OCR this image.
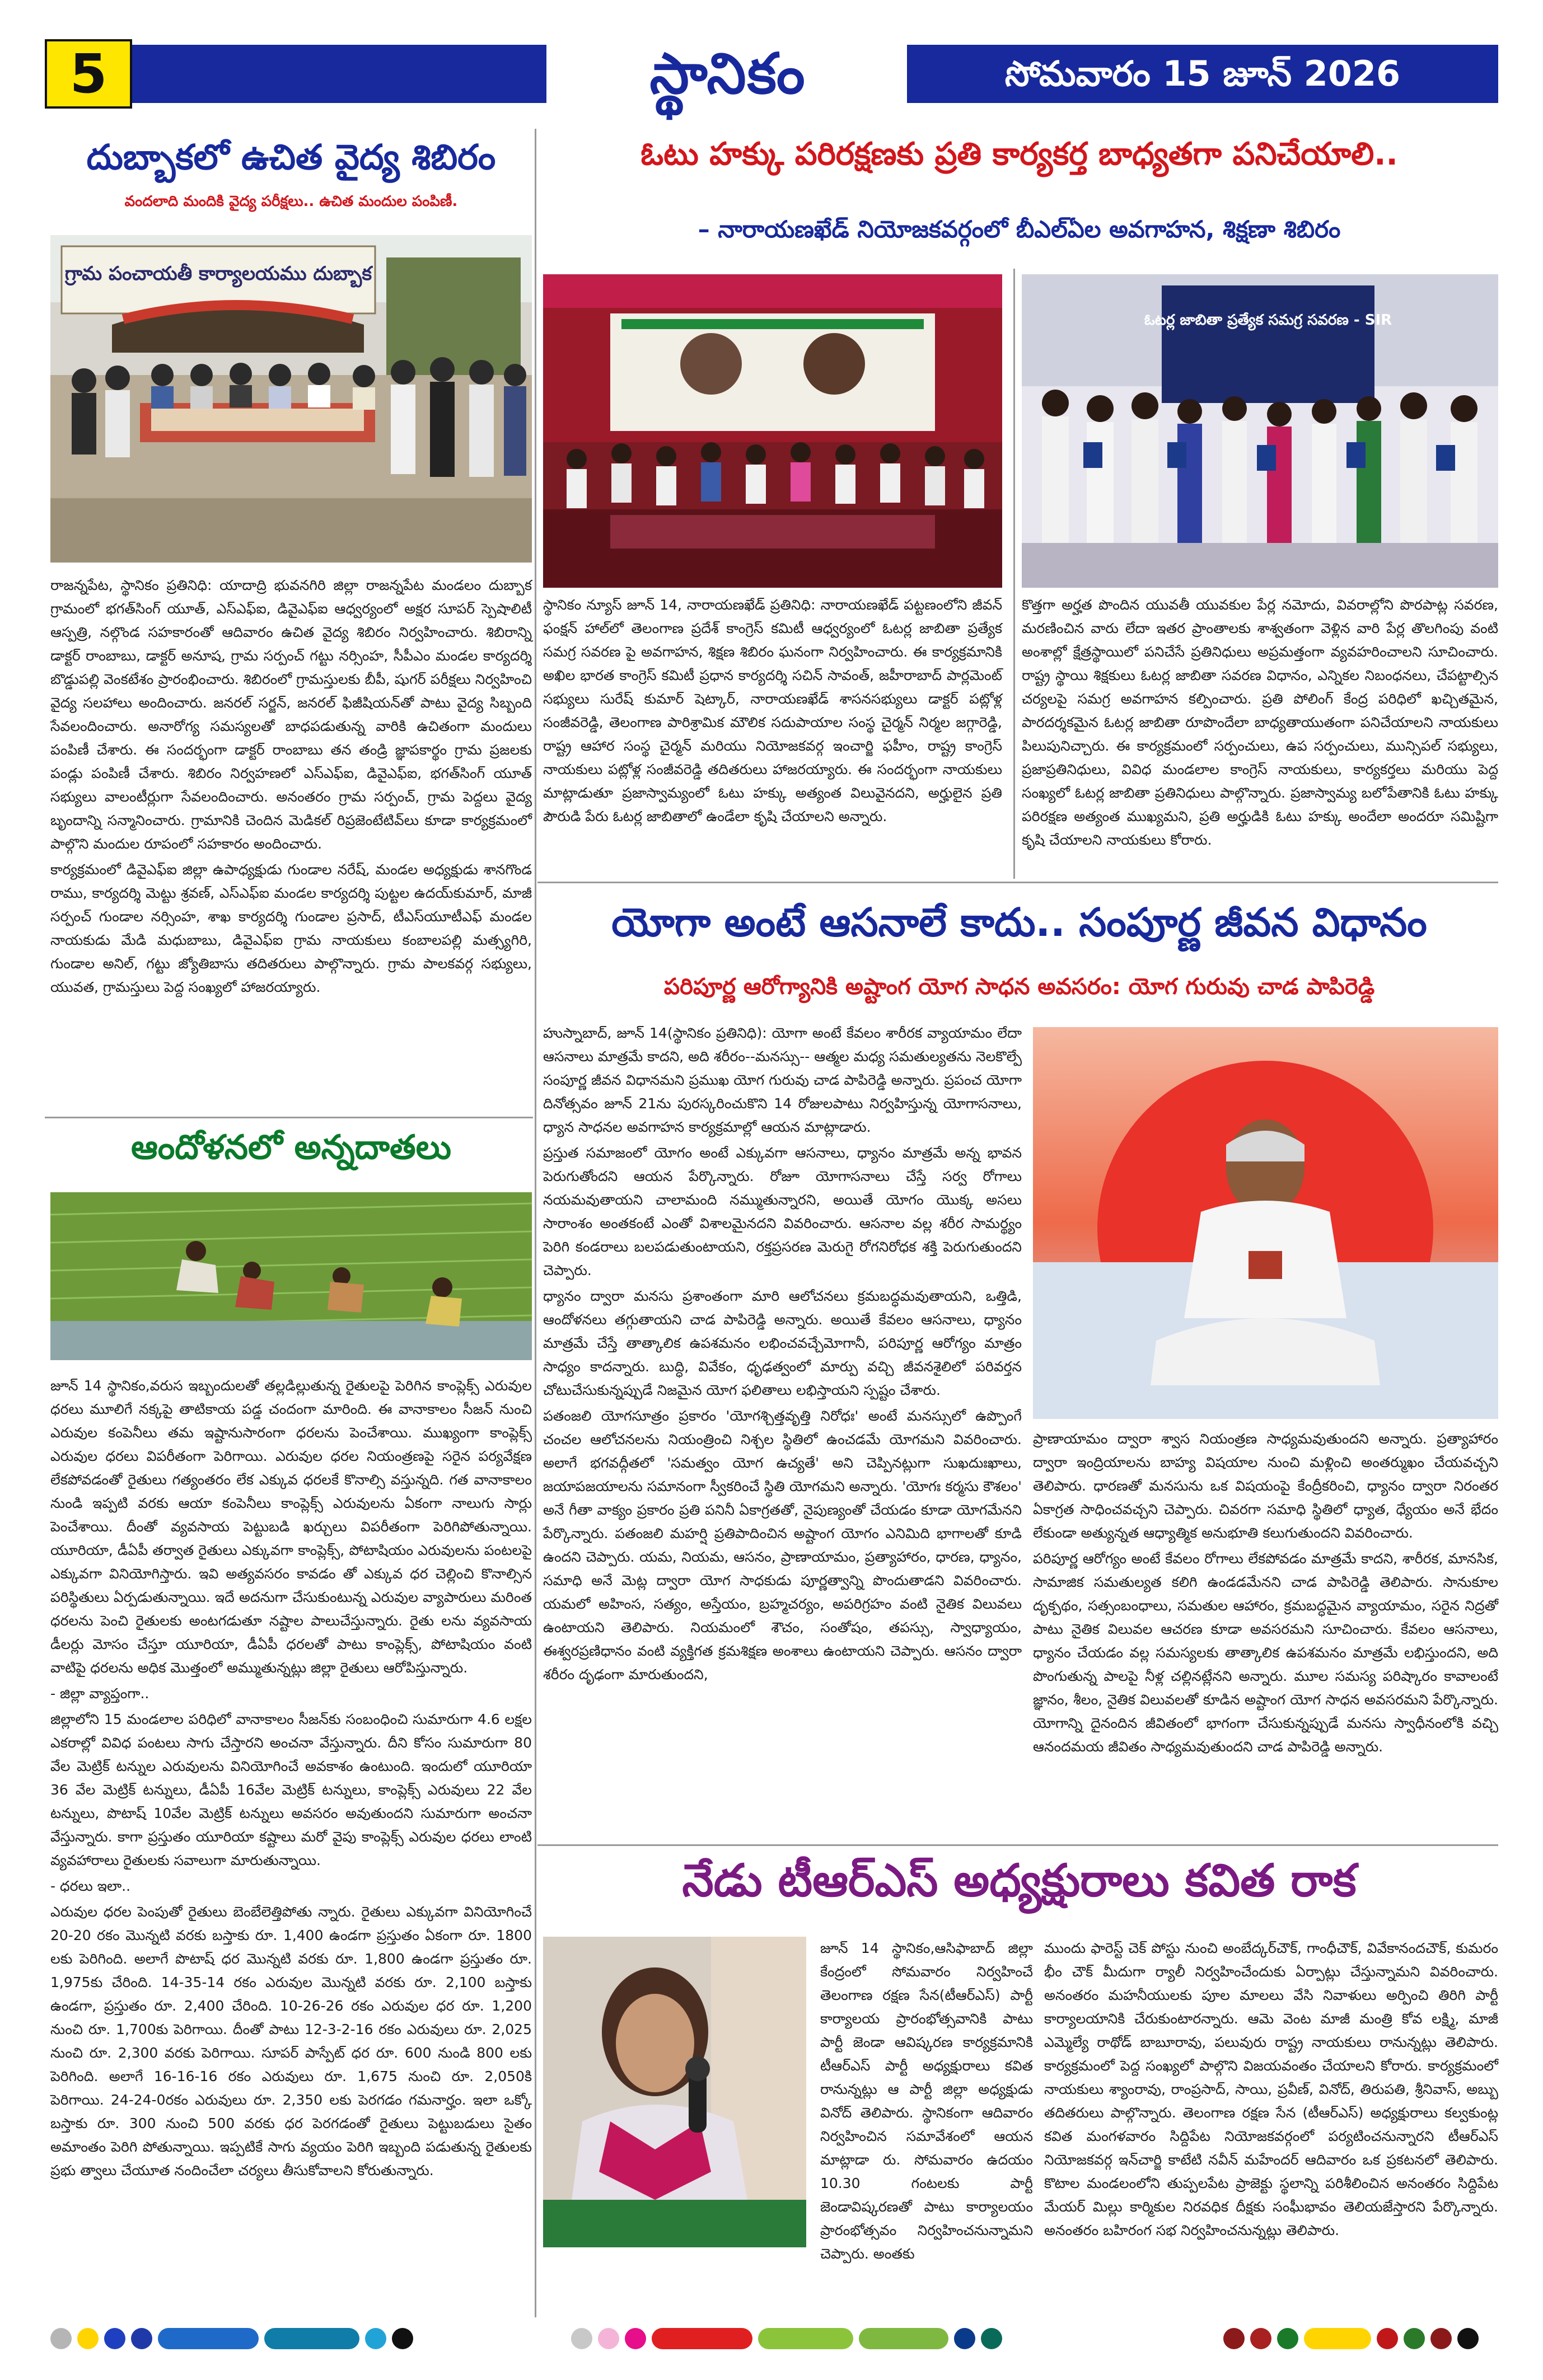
5	స్థానికం	సోమవారం 15 జూన్ 2026
దుబ్బాకలో ఉచిత వైద్య శిబిరం
వందలాది మందికి వైద్య పరీక్షలు.. ఉచిత మందుల పంపిణీ.
గ్రామ పంచాయతీ కార్యాలయము దుబ్బాక

రాజన్నపేట, స్థానికం ప్రతినిధి: యాదాద్రి భువనగిరి జిల్లా రాజన్నపేట మండలం దుబ్బాక గ్రామంలో భగత్‌సింగ్ యూత్, ఎస్ఎఫ్ఐ, డివైఎఫ్ఐ ఆధ్వర్యంలో అక్షర సూపర్ స్పెషాలిటీ ఆస్పత్రి, నల్గొండ సహకారంతో ఆదివారం ఉచిత వైద్య శిబిరం నిర్వహించారు. శిబిరాన్ని డాక్టర్ రాంబాబు, డాక్టర్ అనూష, గ్రామ సర్పంచ్ గట్టు నర్సింహ, సీపీఎం మండల కార్యదర్శి బొడ్డుపల్లి వెంకటేశం ప్రారంభించారు. శిబిరంలో గ్రామస్తులకు బీపీ, షుగర్ పరీక్షలు నిర్వహించి వైద్య సలహాలు అందించారు. జనరల్ సర్జన్, జనరల్ ఫిజీషియన్‌తో పాటు వైద్య సిబ్బంది సేవలందించారు. అనారోగ్య సమస్యలతో బాధపడుతున్న వారికి ఉచితంగా మందులు పంపిణీ చేశారు. ఈ సందర్భంగా డాక్టర్ రాంబాబు తన తండ్రి జ్ఞాపకార్థం గ్రామ ప్రజలకు పండ్లు పంపిణీ చేశారు. శిబిరం నిర్వహణలో ఎస్ఎఫ్ఐ, డివైఎఫ్ఐ, భగత్‌సింగ్ యూత్ సభ్యులు వాలంటీర్లుగా సేవలందించారు. అనంతరం గ్రామ సర్పంచ్, గ్రామ పెద్దలు వైద్య బృందాన్ని సన్మానించారు. గ్రామానికి చెందిన మెడికల్ రిప్రజెంటేటివ్‌లు కూడా కార్యక్రమంలో పాల్గొని మందుల రూపంలో సహకారం అందించారు.

కార్యక్రమంలో డివైఎఫ్ఐ జిల్లా ఉపాధ్యక్షుడు గుండాల నరేష్, మండల అధ్యక్షుడు శానగొండ రాము, కార్యదర్శి మెట్టు శ్రవణ్, ఎస్ఎఫ్ఐ మండల కార్యదర్శి పుట్టల ఉదయ్‌కుమార్, మాజీ సర్పంచ్ గుండాల నర్సింహ, శాఖ కార్యదర్శి గుండాల ప్రసాద్, టీఎస్‌యూటీఎఫ్ మండల నాయకుడు మేడి మధుబాబు, డివైఎఫ్ఐ గ్రామ నాయకులు కంబాలపల్లి మత్స్యగిరి, గుండాల అనిల్, గట్టు జ్యోతిబాసు తదితరులు పాల్గొన్నారు. గ్రామ పాలకవర్గ సభ్యులు, యువత, గ్రామస్తులు పెద్ద సంఖ్యలో హాజరయ్యారు.

ఆందోళనలో అన్నదాతలు

జూన్ 14 స్థానికం,వరుస ఇబ్బందులతో తల్లడిల్లుతున్న రైతులపై పెరిగిన కాంప్లెక్స్ ఎరువుల ధరలు మూలిగే నక్కపై తాటికాయ పడ్డ చందంగా మారింది. ఈ వానాకాలం సీజన్ నుంచి ఎరువుల కంపెనీలు తమ ఇష్టానుసారంగా ధరలను పెంచేశాయి. ముఖ్యంగా కాంప్లెక్స్ ఎరువుల ధరలు విపరీతంగా పెరిగాయి. ఎరువుల ధరల నియంత్రణపై సరైన పర్యవేక్షణ లేకపోవడంతో రైతులు గత్యంతరం లేక ఎక్కువ ధరలకే కొనాల్సి వస్తున్నది. గత వానాకాలం నుండి ఇప్పటి వరకు ఆయా కంపెనీలు కాంప్లెక్స్ ఎరువులను ఏకంగా నాలుగు సార్లు పెంచేశాయి. దీంతో వ్యవసాయ పెట్టుబడి ఖర్చులు విపరీతంగా పెరిగిపోతున్నాయి. యూరియా, డీఏపీ తర్వాత రైతులు ఎక్కువగా కాంప్లెక్స్, పోటాషియం ఎరువులను పంటలపై ఎక్కువగా వినియోగిస్తారు. ఇవి అత్యవసరం కావడం తో ఎక్కువ ధర చెల్లించి కొనాల్సిన పరిస్థితులు ఏర్పడుతున్నాయి. ఇదే అదనుగా చేసుకుంటున్న ఎరువుల వ్యాపారులు మరింత ధరలను పెంచి రైతులకు అంటగడుతూ నష్టాల పాలుచేస్తున్నారు. రైతు లను వ్యవసాయ డీలర్లు మోసం చేస్తూ యూరియా, డీఏపీ ధరలతో పాటు కాంప్లెక్స్, పోటాషియం వంటి వాటిపై ధరలను అధిక మొత్తంలో అమ్ముతున్నట్లు జిల్లా రైతులు ఆరోపిస్తున్నారు.

- జిల్లా వ్యాప్తంగా..

జిల్లాలోని 15 మండలాల పరిధిలో వానాకాలం సీజన్‌కు సంబంధించి సుమారుగా 4.6 లక్షల ఎకరాల్లో వివిధ పంటలు సాగు చేస్తారని అంచనా వేస్తున్నారు. దీని కోసం సుమారుగా 80 వేల మెట్రిక్ టన్నుల ఎరువులను వినియోగించే అవకాశం ఉంటుంది. ఇందులో యూరియా 36 వేల మెట్రిక్ టన్నులు, డీఏపీ 16వేల మెట్రిక్ టన్నులు, కాంప్లెక్స్ ఎరువులు 22 వేల టన్నులు, పొటాష్ 10వేల మెట్రిక్ టన్నులు అవసరం అవుతుందని సుమారుగా అంచనా వేస్తున్నారు. కాగా ప్రస్తుతం యూరియా కష్టాలు మరో వైపు కాంప్లెక్స్ ఎరువుల ధరలు లాంటి వ్యవహారాలు రైతులకు సవాలుగా మారుతున్నాయి.

- ధరలు ఇలా..

ఎరువుల ధరల పెంపుతో రైతులు బెంబేలెత్తిపోతు న్నారు. రైతులు ఎక్కువగా వినియోగించే 20-20 రకం మొన్నటి వరకు బస్తాకు రూ. 1,400 ఉండగా ప్రస్తుతం ఏకంగా రూ. 1800 లకు పెరిగింది. అలాగే పొటాష్ ధర మొన్నటి వరకు రూ. 1,800 ఉండగా ప్రస్తుతం రూ. 1,975కు చేరింది. 14-35-14 రకం ఎరువుల మొన్నటి వరకు రూ. 2,100 బస్తాకు ఉండగా, ప్రస్తుతం రూ. 2,400 చేరింది. 10-26-26 రకం ఎరువుల ధర రూ. 1,200 నుంచి రూ. 1,700కు పెరిగాయి. దీంతో పాటు 12-3-2-16 రకం ఎరువులు రూ. 2,025 నుంచి రూ. 2,300 వరకు పెరిగాయి. సూపర్ పాస్పేట్ ధర రూ. 600 నుండి 800 లకు పెరిగింది. అలాగే 16-16-16 రకం ఎరువులు రూ. 1,675 నుంచి రూ. 2,050కి పెరిగాయి. 24-24-0రకం ఎరువులు రూ. 2,350 లకు పెరగడం గమనార్హం. ఇలా ఒక్కో బస్తాకు రూ. 300 నుంచి 500 వరకు ధర పెరగడంతో రైతులు పెట్టుబడులు సైతం అమాంతం పెరిగి పోతున్నాయి. ఇప్పటికే సాగు వ్యయం పెరిగి ఇబ్బంది పడుతున్న రైతులకు ప్రభు త్వాలు చేయూత నందించేలా చర్యలు తీసుకోవాలని కోరుతున్నారు.

ఓటు హక్కు పరిరక్షణకు ప్రతి కార్యకర్త బాధ్యతగా పనిచేయాలి..
– నారాయణఖేడ్ నియోజకవర్గంలో బీఎల్ఏల అవగాహన, శిక్షణా శిబిరం
ఓటర్ల జాబితా ప్రత్యేక సమగ్ర సవరణ - SIR

స్థానికం న్యూస్ జూన్ 14, నారాయణఖేడ్ ప్రతినిధి: నారాయణఖేడ్ పట్టణంలోని జీవన్ ఫంక్షన్ హాల్‌లో తెలంగాణ ప్రదేశ్ కాంగ్రెస్ కమిటీ ఆధ్వర్యంలో ఓటర్ల జాబితా ప్రత్యేక సమగ్ర సవరణ పై అవగాహన, శిక్షణ శిబిరం ఘనంగా నిర్వహించారు. ఈ కార్యక్రమానికి అఖిల భారత కాంగ్రెస్ కమిటీ ప్రధాన కార్యదర్శి సచిన్ సావంత్, జహీరాబాద్ పార్లమెంట్ సభ్యులు సురేష్ కుమార్ షెట్కార్, నారాయణఖేడ్ శాసనసభ్యులు డాక్టర్ పట్లోళ్ల సంజీవరెడ్డి, తెలంగాణ పారిశ్రామిక మౌలిక సదుపాయాల సంస్థ చైర్మన్ నిర్మల జగ్గారెడ్డి, రాష్ట్ర ఆహార సంస్థ చైర్మన్ మరియు నియోజకవర్గ ఇంచార్జి ఫహీం, రాష్ట్ర కాంగ్రెస్ నాయకులు పట్లోళ్ల సంజీవరెడ్డి తదితరులు హాజరయ్యారు. ఈ సందర్భంగా నాయకులు మాట్లాడుతూ ప్రజాస్వామ్యంలో ఓటు హక్కు అత్యంత విలువైనదని, అర్హులైన ప్రతి పౌరుడి పేరు ఓటర్ల జాబితాలో ఉండేలా కృషి చేయాలని అన్నారు.

కొత్తగా అర్హత పొందిన యువతీ యువకుల పేర్ల నమోదు, వివరాల్లోని పొరపాట్ల సవరణ, మరణించిన వారు లేదా ఇతర ప్రాంతాలకు శాశ్వతంగా వెళ్లిన వారి పేర్ల తొలగింపు వంటి అంశాల్లో క్షేత్రస్థాయిలో పనిచేసే ప్రతినిధులు అప్రమత్తంగా వ్యవహరించాలని సూచించారు. రాష్ట్ర స్థాయి శిక్షకులు ఓటర్ల జాబితా సవరణ విధానం, ఎన్నికల నిబంధనలు, చేపట్టాల్సిన చర్యలపై సమగ్ర అవగాహన కల్పించారు. ప్రతి పోలింగ్ కేంద్ర పరిధిలో ఖచ్చితమైన, పారదర్శకమైన ఓటర్ల జాబితా రూపొందేలా బాధ్యతాయుతంగా పనిచేయాలని నాయకులు పిలుపునిచ్చారు. ఈ కార్యక్రమంలో సర్పంచులు, ఉప సర్పంచులు, మున్సిపల్ సభ్యులు, ప్రజాప్రతినిధులు, వివిధ మండలాల కాంగ్రెస్ నాయకులు, కార్యకర్తలు మరియు పెద్ద సంఖ్యలో ఓటర్ల జాబితా ప్రతినిధులు పాల్గొన్నారు. ప్రజాస్వామ్య బలోపేతానికి ఓటు హక్కు పరిరక్షణ అత్యంత ముఖ్యమని, ప్రతి అర్హుడికి ఓటు హక్కు అందేలా అందరూ సమిష్టిగా కృషి చేయాలని నాయకులు కోరారు.

యోగా అంటే ఆసనాలే కాదు.. సంపూర్ణ జీవన విధానం
పరిపూర్ణ ఆరోగ్యానికి అష్టాంగ యోగ సాధన అవసరం: యోగ గురువు చాడ పాపిరెడ్డి

హుస్నాబాద్, జూన్ 14(స్థానికం ప్రతినిధి): యోగా అంటే కేవలం శారీరక వ్యాయామం లేదా ఆసనాలు మాత్రమే కాదని, అది శరీరం--మనస్సు-- ఆత్మల మధ్య సమతుల్యతను నెలకొల్పే సంపూర్ణ జీవన విధానమని ప్రముఖ యోగ గురువు చాడ పాపిరెడ్డి అన్నారు. ప్రపంచ యోగా దినోత్సవం జూన్ 21ను పురస్కరించుకొని 14 రోజులపాటు నిర్వహిస్తున్న యోగాసనాలు, ధ్యాన సాధనల అవగాహన కార్యక్రమాల్లో ఆయన మాట్లాడారు.

ప్రస్తుత సమాజంలో యోగం అంటే ఎక్కువగా ఆసనాలు, ధ్యానం మాత్రమే అన్న భావన పెరుగుతోందని ఆయన పేర్కొన్నారు. రోజూ యోగాసనాలు చేస్తే సర్వ రోగాలు నయమవుతాయని చాలామంది నమ్ముతున్నారని, అయితే యోగం యొక్క అసలు సారాంశం అంతకంటే ఎంతో విశాలమైనదని వివరించారు. ఆసనాల వల్ల శరీర సామర్థ్యం పెరిగి కండరాలు బలపడుతుంటాయని, రక్తప్రసరణ మెరుగై రోగనిరోధక శక్తి పెరుగుతుందని చెప్పారు.

ధ్యానం ద్వారా మనసు ప్రశాంతంగా మారి ఆలోచనలు క్రమబద్ధమవుతాయని, ఒత్తిడి, ఆందోళనలు తగ్గుతాయని చాడ పాపిరెడ్డి అన్నారు. అయితే కేవలం ఆసనాలు, ధ్యానం మాత్రమే చేస్తే తాత్కాలిక ఉపశమనం లభించవచ్చేమోగానీ, పరిపూర్ణ ఆరోగ్యం మాత్రం సాధ్యం కాదన్నారు. బుద్ధి, వివేకం, ధృఢత్వంలో మార్పు వచ్చి జీవనశైలిలో పరివర్తన చోటుచేసుకున్నప్పుడే నిజమైన యోగ ఫలితాలు లభిస్తాయని స్పష్టం చేశారు.

పతంజలి యోగసూత్రం ప్రకారం 'యోగశ్చిత్తవృత్తి నిరోధః' అంటే మనస్సులో ఉప్పొంగే చంచల ఆలోచనలను నియంత్రించి నిశ్చల స్థితిలో ఉంచడమే యోగమని వివరించారు. అలాగే భగవద్గీతలో 'సమత్వం యోగ ఉచ్యతే' అని చెప్పినట్లుగా సుఖదుఃఖాలు, జయాపజయాలను సమానంగా స్వీకరించే స్థితి యోగమని అన్నారు. 'యోగః కర్మసు కౌశలం' అనే గీతా వాక్యం ప్రకారం ప్రతి పనినీ ఏకాగ్రతతో, నైపుణ్యంతో చేయడం కూడా యోగమేనని పేర్కొన్నారు. పతంజలి మహర్షి ప్రతిపాదించిన అష్టాంగ యోగం ఎనిమిది భాగాలతో కూడి ఉందని చెప్పారు. యమ, నియమ, ఆసనం, ప్రాణాయామం, ప్రత్యాహారం, ధారణ, ధ్యానం, సమాధి అనే మెట్ల ద్వారా యోగ సాధకుడు పూర్ణత్వాన్ని పొందుతాడని వివరించారు. యమలో అహింస, సత్యం, అస్తేయం, బ్రహ్మచర్యం, అపరిగ్రహం వంటి నైతిక విలువలు ఉంటాయని తెలిపారు. నియమంలో శౌచం, సంతోషం, తపస్సు, స్వాధ్యాయం, ఈశ్వరప్రణిధానం వంటి వ్యక్తిగత క్రమశిక్షణ అంశాలు ఉంటాయని చెప్పారు. ఆసనం ద్వారా శరీరం దృఢంగా మారుతుందని,

ప్రాణాయామం ద్వారా శ్వాస నియంత్రణ సాధ్యమవుతుందని అన్నారు. ప్రత్యాహారం ద్వారా ఇంద్రియాలను బాహ్య విషయాల నుంచి మళ్లించి అంతర్ముఖం చేయవచ్చని తెలిపారు. ధారణతో మనసును ఒక విషయంపై కేంద్రీకరించి, ధ్యానం ద్వారా నిరంతర ఏకాగ్రత సాధించవచ్చని చెప్పారు. చివరగా సమాధి స్థితిలో ధ్యాత, ధ్యేయం అనే భేదం లేకుండా అత్యున్నత ఆధ్యాత్మిక అనుభూతి కలుగుతుందని వివరించారు.

పరిపూర్ణ ఆరోగ్యం అంటే కేవలం రోగాలు లేకపోవడం మాత్రమే కాదని, శారీరక, మానసిక, సామాజిక సమతుల్యత కలిగి ఉండడమేనని చాడ పాపిరెడ్డి తెలిపారు. సానుకూల దృక్పథం, సత్సంబంధాలు, సమతుల ఆహారం, క్రమబద్ధమైన వ్యాయామం, సరైన నిద్రతో పాటు నైతిక విలువల ఆచరణ కూడా అవసరమని సూచించారు. కేవలం ఆసనాలు, ధ్యానం చేయడం వల్ల సమస్యలకు తాత్కాలిక ఉపశమనం మాత్రమే లభిస్తుందని, అది పొంగుతున్న పాలపై నీళ్ల చల్లినట్లేనని అన్నారు. మూల సమస్య పరిష్కారం కావాలంటే జ్ఞానం, శీలం, నైతిక విలువలతో కూడిన అష్టాంగ యోగ సాధన అవసరమని పేర్కొన్నారు. యోగాన్ని దైనందిన జీవితంలో భాగంగా చేసుకున్నప్పుడే మనసు స్వాధీనంలోకి వచ్చి ఆనందమయ జీవితం సాధ్యమవుతుందని చాడ పాపిరెడ్డి అన్నారు.

నేడు టీఆర్ఎస్ అధ్యక్షురాలు కవిత రాక

జూన్ 14 స్థానికం,ఆసిఫాబాద్ జిల్లా కేంద్రంలో సోమవారం నిర్వహించే తెలంగాణ రక్షణ సేన(టీఆర్ఎస్) పార్టీ కార్యాలయ ప్రారంభోత్సవానికి పాటు పార్టీ జెండా ఆవిష్కరణ కార్యక్రమానికి టీఆర్ఎస్ పార్టీ అధ్యక్షురాలు కవిత రానున్నట్లు ఆ పార్టీ జిల్లా అధ్యక్షుడు వినోద్ తెలిపారు. స్థానికంగా ఆదివారం నిర్వహించిన సమావేశంలో ఆయన మాట్లాడా రు. సోమవారం ఉదయం 10.30 గంటలకు పార్టీ జెండావిష్కరణతో పాటు కార్యాలయం ప్రారంభోత్సవం నిర్వహించనున్నామని చెప్పారు. అంతకు

ముందు ఫారెస్ట్ చెక్ పోస్టు నుంచి అంబేద్కర్‌చౌక్, గాంధీచౌక్, వివేకానందచౌక్, కుమరం భీం చౌక్ మీదుగా ర్యాలీ నిర్వహించేందుకు ఏర్పాట్లు చేస్తున్నామని వివరించారు. అనంతరం మహనీయులకు పూల మాలలు వేసి నివాళులు అర్పించి తిరిగి పార్టీ కార్యాలయానికి చేరుకుంటారన్నారు. ఆమె వెంట మాజీ మంత్రి కోవ లక్ష్మి, మాజీ ఎమ్మెల్యే రాథోడ్ బాబూరావు, పలువురు రాష్ట్ర నాయకులు రానున్నట్లు తెలిపారు. కార్యక్రమంలో పెద్ద సంఖ్యలో పాల్గొని విజయవంతం చేయాలని కోరారు. కార్యక్రమంలో నాయకులు శ్యాంరావు, రాంప్రసాద్, సాయి, ప్రవీణ్, వినోద్, తిరుపతి, శ్రీనివాస్, అబ్బు తదితరులు పాల్గొన్నారు. తెలంగాణ రక్షణ సేన (టీఆర్ఎస్) అధ్యక్షురాలు కల్వకుంట్ల కవిత మంగళవారం సిద్దిపేట నియోజకవర్గంలో పర్యటించనున్నారని టీఆర్ఎస్ నియోజకవర్గ ఇన్‌చార్జి కాటేటి నవీన్ మహేందర్ ఆదివారం ఒక ప్రకటనలో తెలిపారు. కొటాల మండలంలోని తుప్పలపేట ప్రాజెక్టు స్థలాన్ని పరిశీలించిన అనంతరం సిద్దిపేట మేయర్ మిల్లు కార్మికుల నిరవధిక దీక్షకు సంఘీభావం తెలియజేస్తారని పేర్కొన్నారు. అనంతరం బహిరంగ సభ నిర్వహించనున్నట్లు తెలిపారు.
